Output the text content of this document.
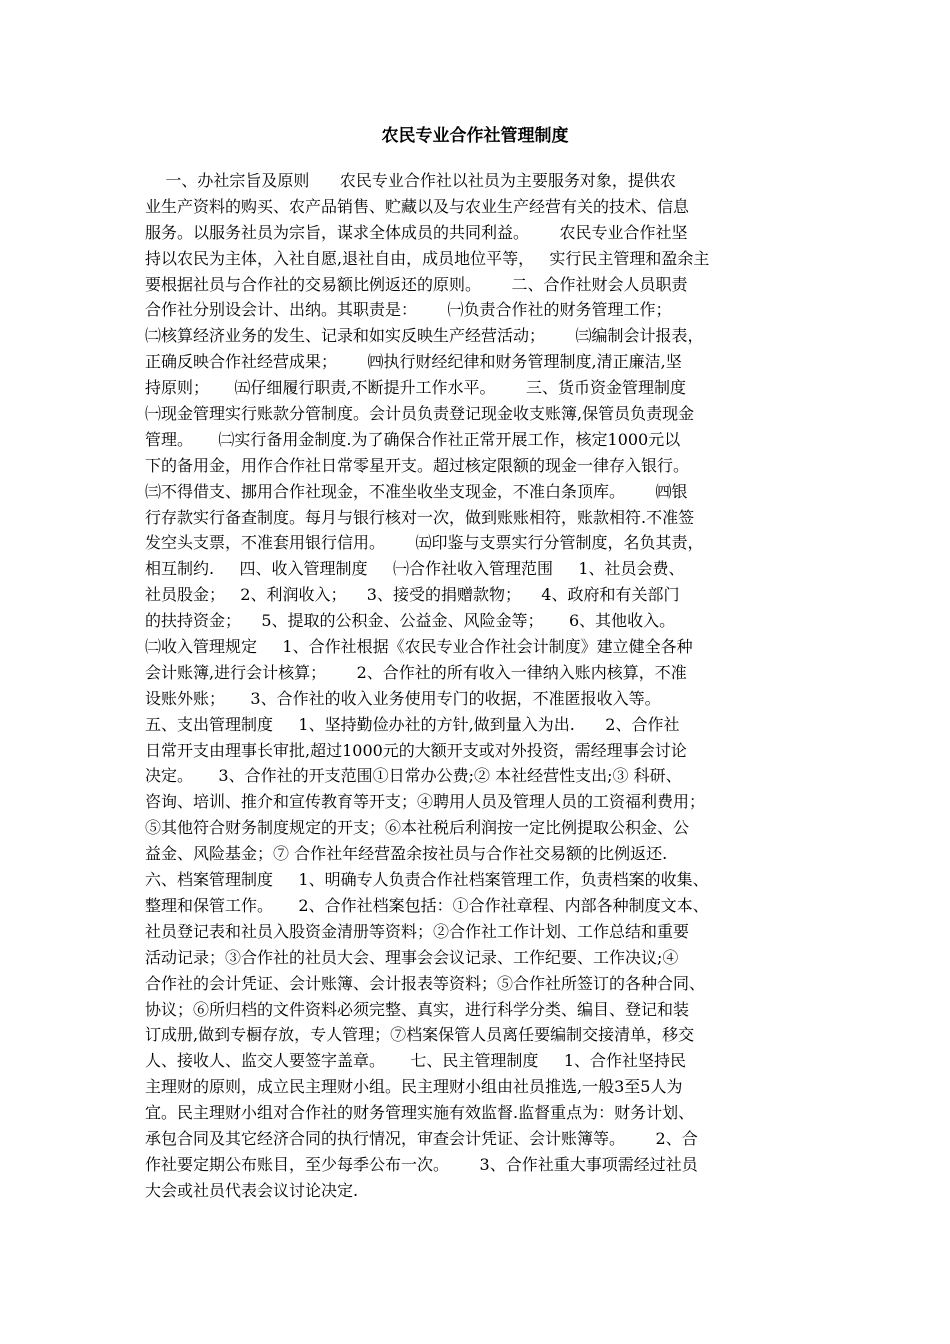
农民专业合作社管理制度
一、办社宗旨及原则      农民专业合作社以社员为主要服务对象，提供农
业生产资料的购买、农产品销售、贮藏以及与农业生产经营有关的技术、信息
服务。以服务社员为宗旨，谋求全体成员的共同利益。      农民专业合作社坚
持以农民为主体，入社自愿,退社自由，成员地位平等，   实行民主管理和盈余主
要根据社员与合作社的交易额比例返还的原则。      二、合作社财会人员职责
合作社分别设会计、出纳。其职责是：      ㈠负责合作社的财务管理工作；
㈡核算经济业务的发生、记录和如实反映生产经营活动；      ㈢编制会计报表，
正确反映合作社经营成果；      ㈣执行财经纪律和财务管理制度,清正廉洁,坚
持原则；     ㈤仔细履行职责,不断提升工作水平。      三、货币资金管理制度
㈠现金管理实行账款分管制度。会计员负责登记现金收支账簿,保管员负责现金
管理。     ㈡实行备用金制度.为了确保合作社正常开展工作，核定1000元以
下的备用金，用作合作社日常零星开支。超过核定限额的现金一律存入银行。
㈢不得借支、挪用合作社现金，不准坐收坐支现金，不准白条顶库。      ㈣银
行存款实行备查制度。每月与银行核对一次，做到账账相符，账款相符.不准签
发空头支票，不准套用银行信用。      ㈤印鉴与支票实行分管制度，名负其责，
相互制约.     四、收入管理制度     ㈠合作社收入管理范围     1、社员会费、
社员股金；   2、利润收入；    3、接受的捐赠款物；    4、政府和有关部门
的扶持资金；    5、提取的公积金、公益金、风险金等；     6、其他收入。
㈡收入管理规定     1、合作社根据《农民专业合作社会计制度》建立健全各种
会计账簿,进行会计核算；      2、合作社的所有收入一律纳入账内核算，不准
设账外账；     3、合作社的收入业务使用专门的收据，不准匿报收入等。
五、支出管理制度     1、坚持勤俭办社的方针,做到量入为出.      2、合作社
日常开支由理事长审批,超过1000元的大额开支或对外投资，需经理事会讨论
决定。     3、合作社的开支范围①日常办公费;② 本社经营性支出;③ 科研、
咨询、培训、推介和宣传教育等开支；④聘用人员及管理人员的工资福利费用；
⑤其他符合财务制度规定的开支；⑥本社税后利润按一定比例提取公积金、公
益金、风险基金；⑦ 合作社年经营盈余按社员与合作社交易额的比例返还.
六、档案管理制度     1、明确专人负责合作社档案管理工作，负责档案的收集、
整理和保管工作。     2、合作社档案包括：①合作社章程、内部各种制度文本、
社员登记表和社员入股资金清册等资料；②合作社工作计划、工作总结和重要
活动记录；③合作社的社员大会、理事会会议记录、工作纪要、工作决议;④
合作社的会计凭证、会计账簿、会计报表等资料；⑤合作社所签订的各种合同、
协议；⑥所归档的文件资料必须完整、真实，进行科学分类、编目、登记和装
订成册,做到专橱存放，专人管理；⑦档案保管人员离任要编制交接清单，移交
人、接收人、监交人要签字盖章。     七、民主管理制度     1、合作社坚持民
主理财的原则，成立民主理财小组。民主理财小组由社员推选,一般3至5人为
宜。民主理财小组对合作社的财务管理实施有效监督.监督重点为：财务计划、
承包合同及其它经济合同的执行情况，审查会计凭证、会计账簿等。      2、合
作社要定期公布账目，至少每季公布一次。      3、合作社重大事项需经过社员
大会或社员代表会议讨论决定.
